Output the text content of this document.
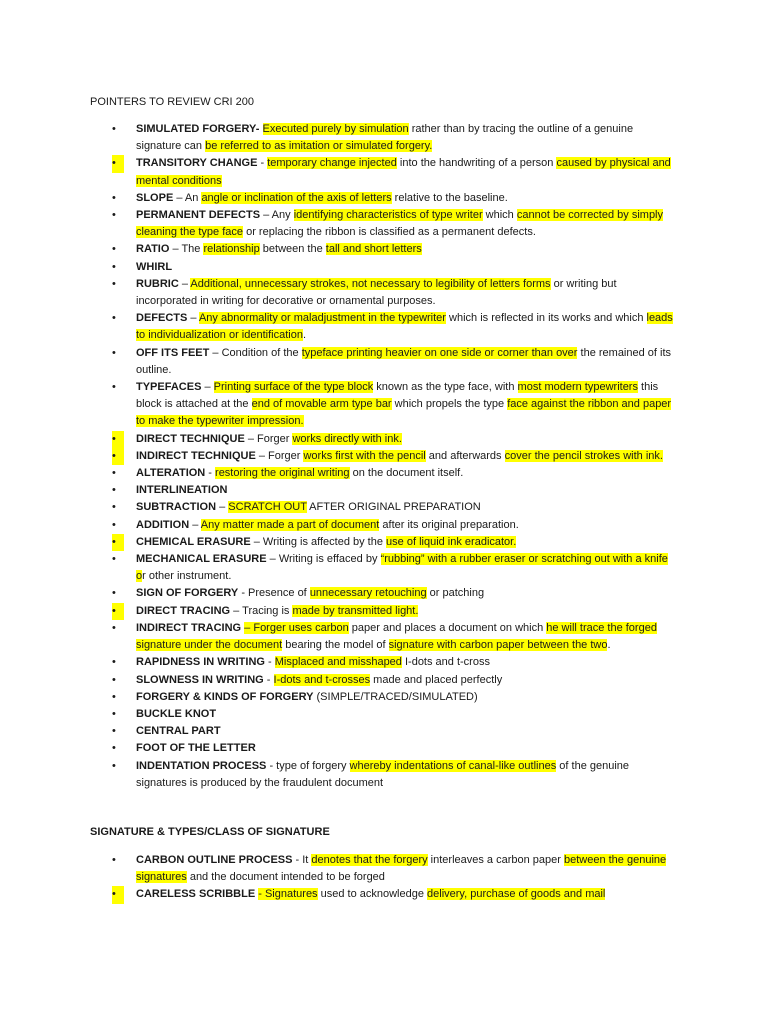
POINTERS TO REVIEW CRI 200
•	SIMULATED FORGERY- Executed purely by simulation rather than by tracing the outline of a genuine signature can be referred to as imitation or simulated forgery.
•	TRANSITORY CHANGE - temporary change injected into the handwriting of a person caused by physical and mental conditions
•	SLOPE – An angle or inclination of the axis of letters relative to the baseline.
•	PERMANENT DEFECTS – Any identifying characteristics of type writer which cannot be corrected by simply cleaning the type face or replacing the ribbon is classified as a permanent defects.
•	RATIO – The relationship between the tall and short letters
•	WHIRL
•	RUBRIC – Additional, unnecessary strokes, not necessary to legibility of letters forms or writing but incorporated in writing for decorative or ornamental purposes.
•	DEFECTS – Any abnormality or maladjustment in the typewriter which is reflected in its works and which leads to individualization or identification.
•	OFF ITS FEET – Condition of the typeface printing heavier on one side or corner than over the remained of its outline.
•	TYPEFACES – Printing surface of the type block known as the type face, with most modern typewriters this block is attached at the end of movable arm type bar which propels the type face against the ribbon and paper to make the typewriter impression.
•	DIRECT TECHNIQUE – Forger works directly with ink.
•	INDIRECT TECHNIQUE – Forger works first with the pencil and afterwards cover the pencil strokes with ink.
•	ALTERATION - restoring the original writing on the document itself.
•	INTERLINEATION
•	SUBTRACTION – SCRATCH OUT AFTER ORIGINAL PREPARATION
•	ADDITION – Any matter made a part of document after its original preparation.
•	CHEMICAL ERASURE – Writing is affected by the use of liquid ink eradicator.
•	MECHANICAL ERASURE – Writing is effaced by “rubbing” with a rubber eraser or scratching out with a knife or other instrument.
•	SIGN OF FORGERY - Presence of unnecessary retouching or patching
•	DIRECT TRACING – Tracing is made by transmitted light.
•	INDIRECT TRACING – Forger uses carbon paper and places a document on which he will trace the forged signature under the document bearing the model of signature with carbon paper between the two.
•	RAPIDNESS IN WRITING - Misplaced and misshaped I-dots and t-cross
•	SLOWNESS IN WRITING - I-dots and t-crosses made and placed perfectly
•	FORGERY & KINDS OF FORGERY (SIMPLE/TRACED/SIMULATED)
•	BUCKLE KNOT
•	CENTRAL PART
•	FOOT OF THE LETTER
•	INDENTATION PROCESS - type of forgery whereby indentations of canal-like outlines of the genuine signatures is produced by the fraudulent document
SIGNATURE & TYPES/CLASS OF SIGNATURE
•	CARBON OUTLINE PROCESS - It denotes that the forgery interleaves a carbon paper between the genuine signatures and the document intended to be forged
•	CARELESS SCRIBBLE - Signatures used to acknowledge delivery, purchase of goods and mail
